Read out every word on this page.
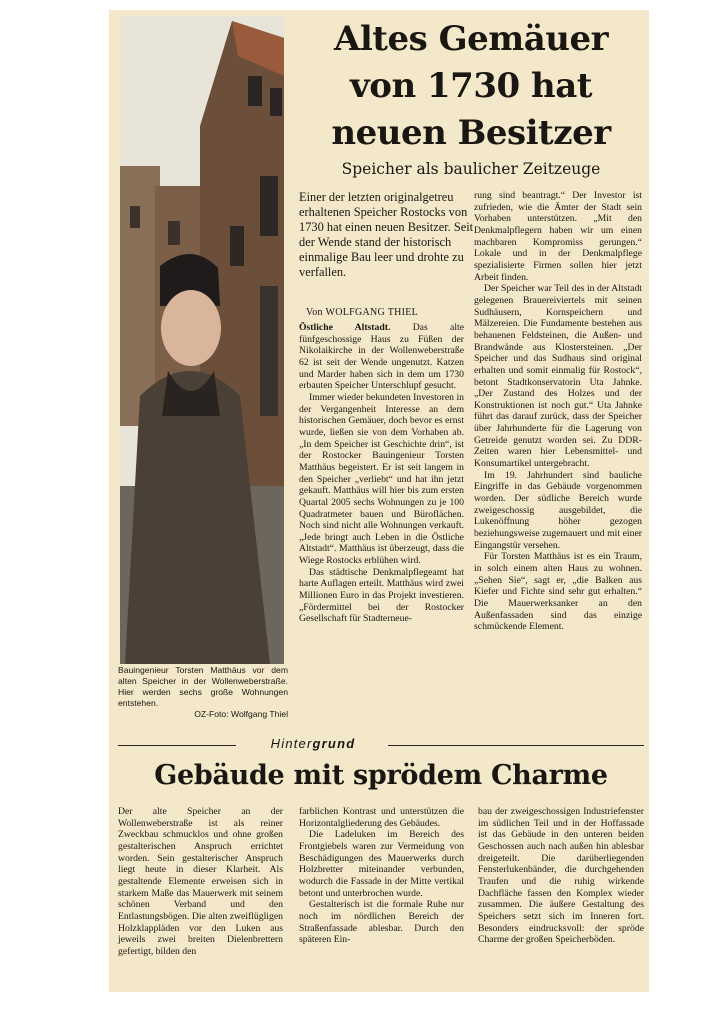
Bauingenieur Torsten Matthäus vor dem alten Speicher in der Wollenweberstraße. Hier werden sechs große Wohnungen entstehen.
OZ-Foto: Wolfgang Thiel
Altes Gemäuer
von 1730 hat
neuen Besitzer
Speicher als baulicher Zeitzeuge
Einer der letzten originalgetreu erhaltenen Speicher Rostocks von 1730 hat einen neuen Besitzer. Seit der Wende stand der historisch einmalige Bau leer und drohte zu verfallen.
Von WOLFGANG THIEL

Östliche Altstadt. Das alte fünfgeschossige Haus zu Füßen der Nikolaikirche in der Wollenweberstraße 62 ist seit der Wende ungenutzt. Katzen und Marder haben sich in dem um 1730 erbauten Speicher Unterschlupf gesucht.

Immer wieder bekundeten Investoren in der Vergangenheit Interesse an dem historischen Gemäuer, doch bevor es ernst wurde, ließen sie von dem Vorhaben ab. „In dem Speicher ist Geschichte drin“, ist der Rostocker Bauingenieur Torsten Matthäus begeistert. Er ist seit langem in den Speicher „verliebt“ und hat ihn jetzt gekauft. Matthäus will hier bis zum ersten Quartal 2005 sechs Wohnungen zu je 100 Quadratmeter bauen und Büroflächen. Noch sind nicht alle Wohnungen verkauft. „Jede bringt auch Leben in die Östliche Altstadt“. Matthäus ist überzeugt, dass die Wiege Rostocks erblühen wird.

Das städtische Denkmalpflegeamt hat harte Auflagen erteilt. Matthäus wird zwei Millionen Euro in das Projekt investieren. „Fördermittel bei der Rostocker Gesellschaft für Stadterneue-

rung sind beantragt.“ Der Investor ist zufrieden, wie die Ämter der Stadt sein Vorhaben unterstützen. „Mit den Denkmalpflegern haben wir um einen machbaren Kompromiss gerungen.“ Lokale und in der Denkmalpflege spezialisierte Firmen sollen hier jetzt Arbeit finden.

Der Speicher war Teil des in der Altstadt gelegenen Brauereiviertels mit seinen Sudhäusern, Kornspeichern und Mälzereien. Die Fundamente bestehen aus behauenen Feldsteinen, die Außen- und Brandwände aus Klostersteinen. „Der Speicher und das Sudhaus sind original erhalten und somit einmalig für Rostock“, betont Stadtkonservatorin Uta Jahnke. „Der Zustand des Holzes und der Konstruktionen ist noch gut.“ Uta Jahnke führt das darauf zurück, dass der Speicher über Jahrhunderte für die Lagerung von Getreide genutzt worden sei. Zu DDR-Zeiten waren hier Lebensmittel- und Konsumartikel untergebracht.

Im 19. Jahrhundert sind bauliche Eingriffe in das Gebäude vorgenommen worden. Der südliche Bereich wurde zweigeschossig ausgebildet, die Lukenöffnung höher gezogen beziehungsweise zugemauert und mit einer Eingangstür versehen.

Für Torsten Matthäus ist es ein Traum, in solch einem alten Haus zu wohnen. „Sehen Sie“, sagt er, „die Balken aus Kiefer und Fichte sind sehr gut erhalten.“ Die Mauerwerksanker an den Außenfassaden sind das einzige schmückende Element.

Hintergrund
Gebäude mit sprödem Charme

Der alte Speicher an der Wollenweberstraße ist als reiner Zweckbau schmucklos und ohne großen gestalterischen Anspruch errichtet worden. Sein gestalterischer Anspruch liegt heute in dieser Klarheit. Als gestaltende Elemente erweisen sich in starkem Maße das Mauerwerk mit seinem schönen Verband und den Entlastungsbögen. Die alten zweiflügligen Holzklappläden vor den Luken aus jeweils zwei breiten Dielenbrettern gefertigt, bilden den

farblichen Kontrast und unterstützen die Horizontalgliederung des Gebäudes.

Die Ladeluken im Bereich des Frontgiebels waren zur Vermeidung von Beschädigungen des Mauerwerks durch Holzbretter miteinander verbunden, wodurch die Fassade in der Mitte vertikal betont und unterbrochen wurde.

Gestalterisch ist die formale Ruhe nur noch im nördlichen Bereich der Straßenfassade ablesbar. Durch den späteren Ein-

bau der zweigeschossigen Industriefenster im südlichen Teil und in der Hoffassade ist das Gebäude in den unteren beiden Geschossen auch nach außen hin ablesbar dreigeteilt. Die darüberliegenden Fensterlukenbänder, die durchgehenden Traufen und die ruhig wirkende Dachfläche fassen den Komplex wieder zusammen. Die äußere Gestaltung des Speichers setzt sich im Inneren fort. Besonders eindrucksvoll: der spröde Charme der großen Speicherböden.
